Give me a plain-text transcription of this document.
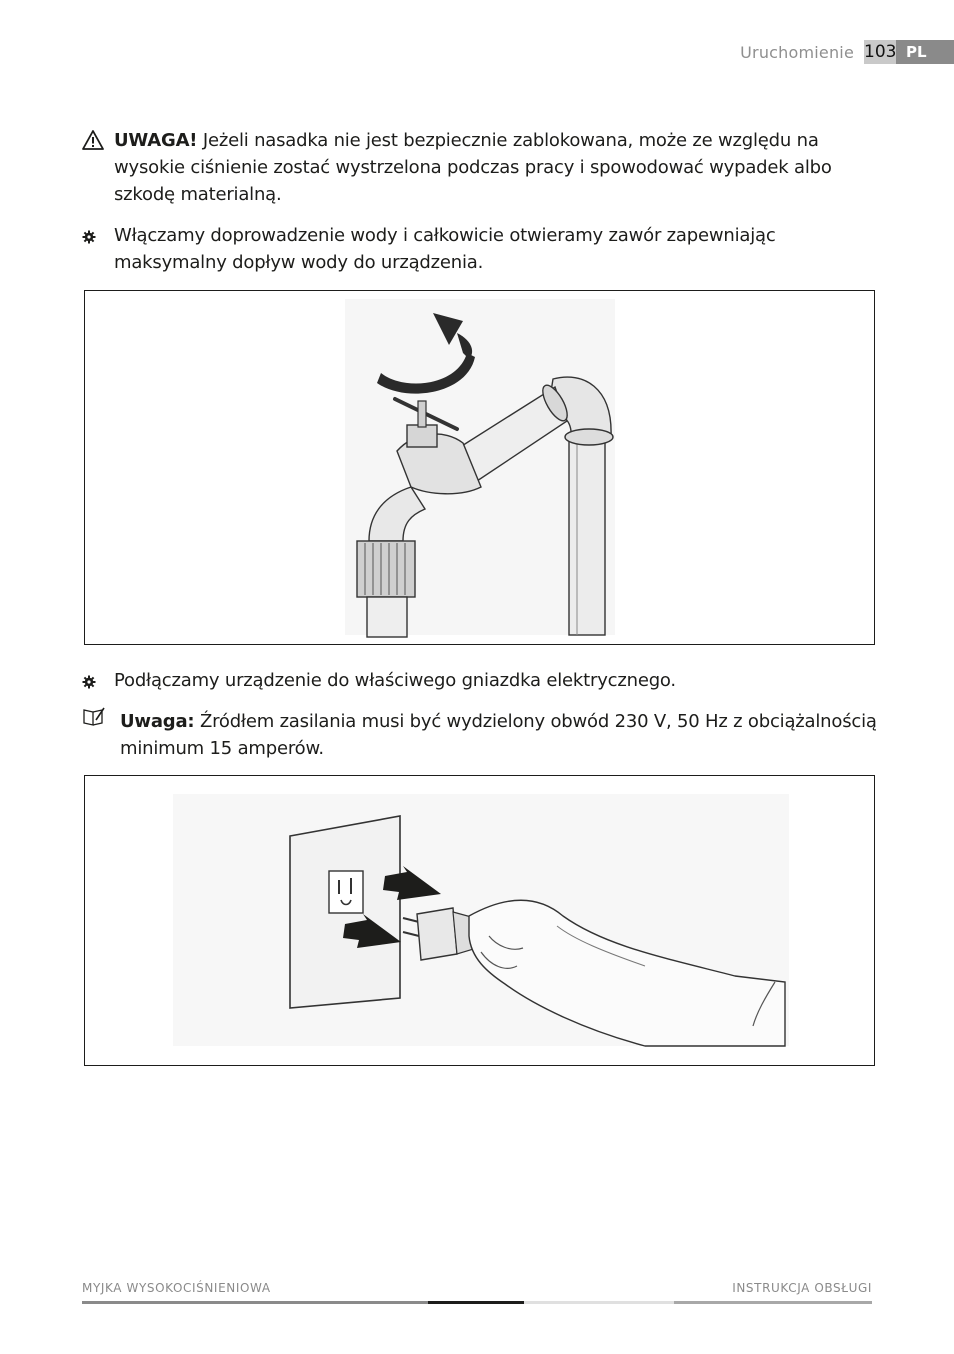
Uruchomienie 103 PL
UWAGA! Jeżeli nasadka nie jest bezpiecznie zablokowana, może ze względu na wysokie ciśnienie zostać wystrzelona podczas pracy i spowodować wypadek albo szkodę materialną.
Włączamy doprowadzenie wody i całkowicie otwieramy zawór zapewniając maksymalny dopływ wody do urządzenia.
Podłączamy urządzenie do właściwego gniazdka elektrycznego.
Uwaga: Źródłem zasilania musi być wydzielony obwód 230 V, 50 Hz z obciążalnością minimum 15 amperów.
MYJKA WYSOKOCIŚNIENIOWA	INSTRUKCJA OBSŁUGI
